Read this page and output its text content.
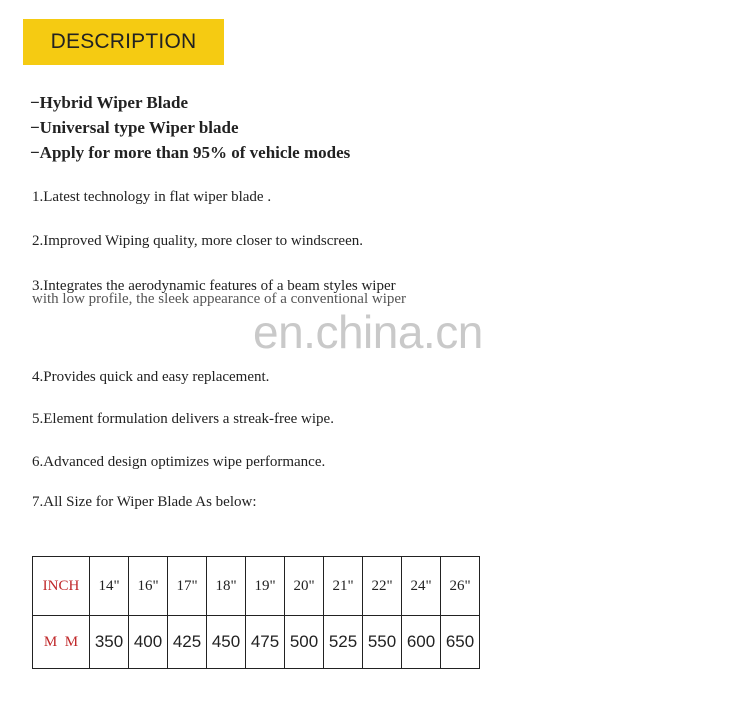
DESCRIPTION
−Hybrid Wiper Blade
−Universal type Wiper blade
−Apply for more than 95% of vehicle modes
1.Latest technology in flat wiper blade .
2.Improved Wiping quality, more closer to windscreen.
3.Integrates the aerodynamic features of a beam styles wiper
with low profile, the sleek appearance of a conventional wiper
en.china.cn
4.Provides quick and easy replacement.
5.Element formulation delivers a streak-free wipe.
6.Advanced design optimizes wipe performance.
7.All Size for Wiper Blade As below:
INCH	14"	16"	17"	18"	19"	20"	21"	22"	24"	26"
M  M	350	400	425	450	475	500	525	550	600	650
